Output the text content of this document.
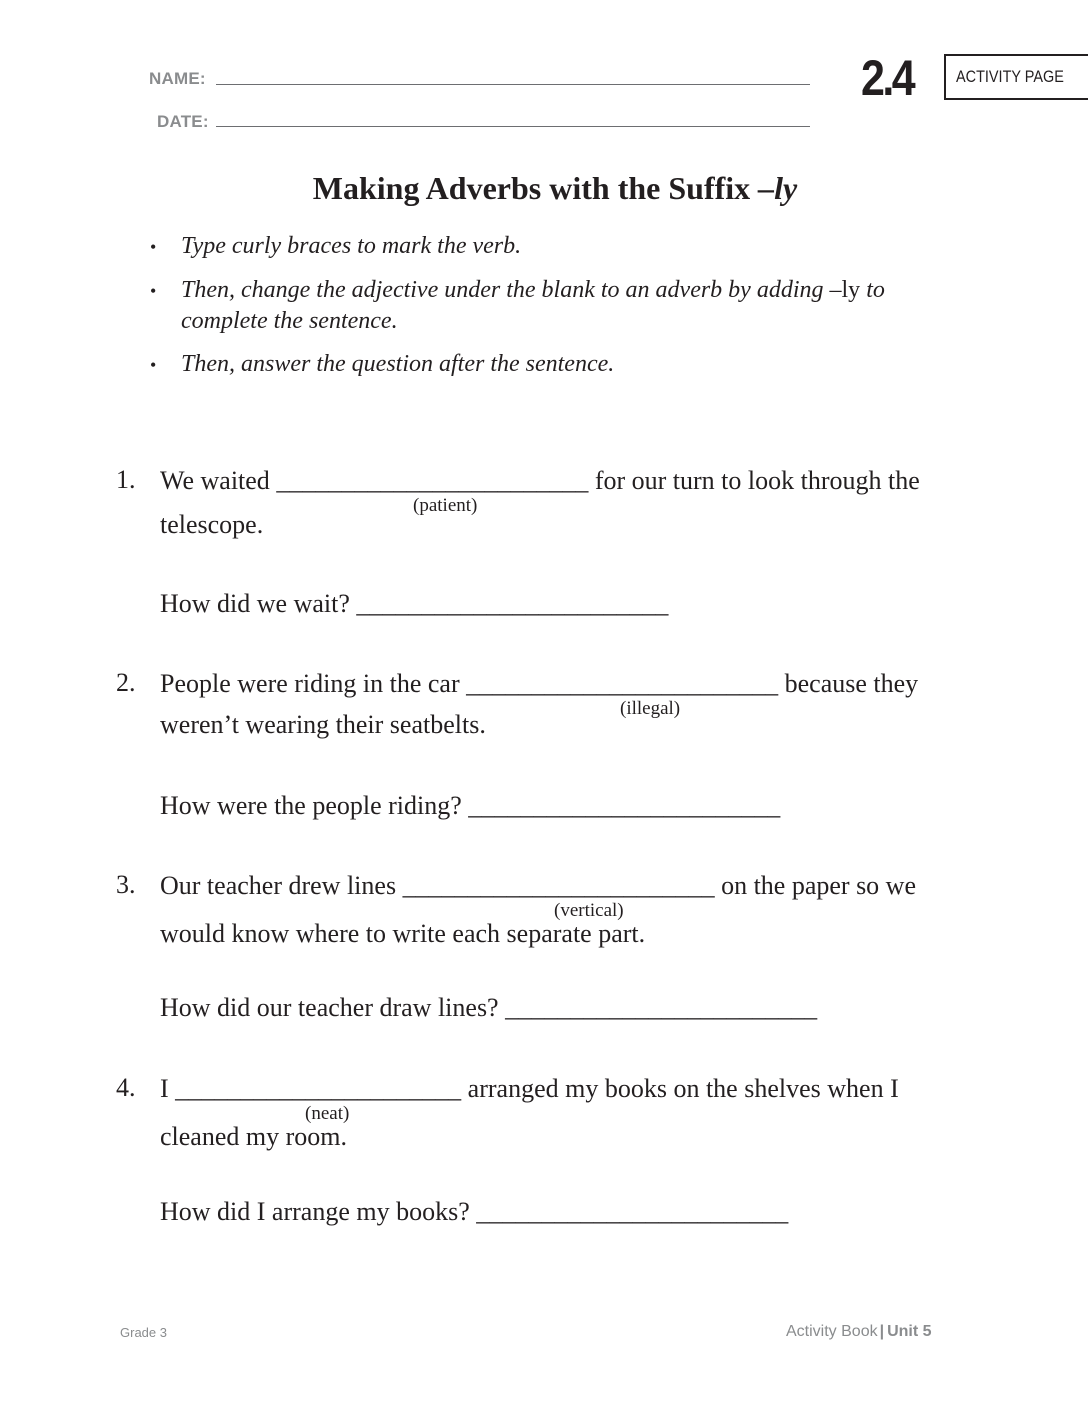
NAME:
DATE:
2.4	ACTIVITY PAGE
Making Adverbs with the Suffix –ly
• Type curly braces to mark the verb.
• Then, change the adjective under the blank to an adverb by adding –ly to
complete the sentence.
• Then, answer the question after the sentence.
1. We waited ________________________ for our turn to look through the
(patient)
telescope.
How did we wait? ________________________
2. People were riding in the car ________________________ because they
(illegal)
weren’t wearing their seatbelts.
How were the people riding? ________________________
3. Our teacher drew lines ________________________ on the paper so we
(vertical)
would know where to write each separate part.
How did our teacher draw lines? ________________________
4. I ______________________ arranged my books on the shelves when I
(neat)
cleaned my room.
How did I arrange my books? ________________________
Grade 3	Activity Book | Unit 5
